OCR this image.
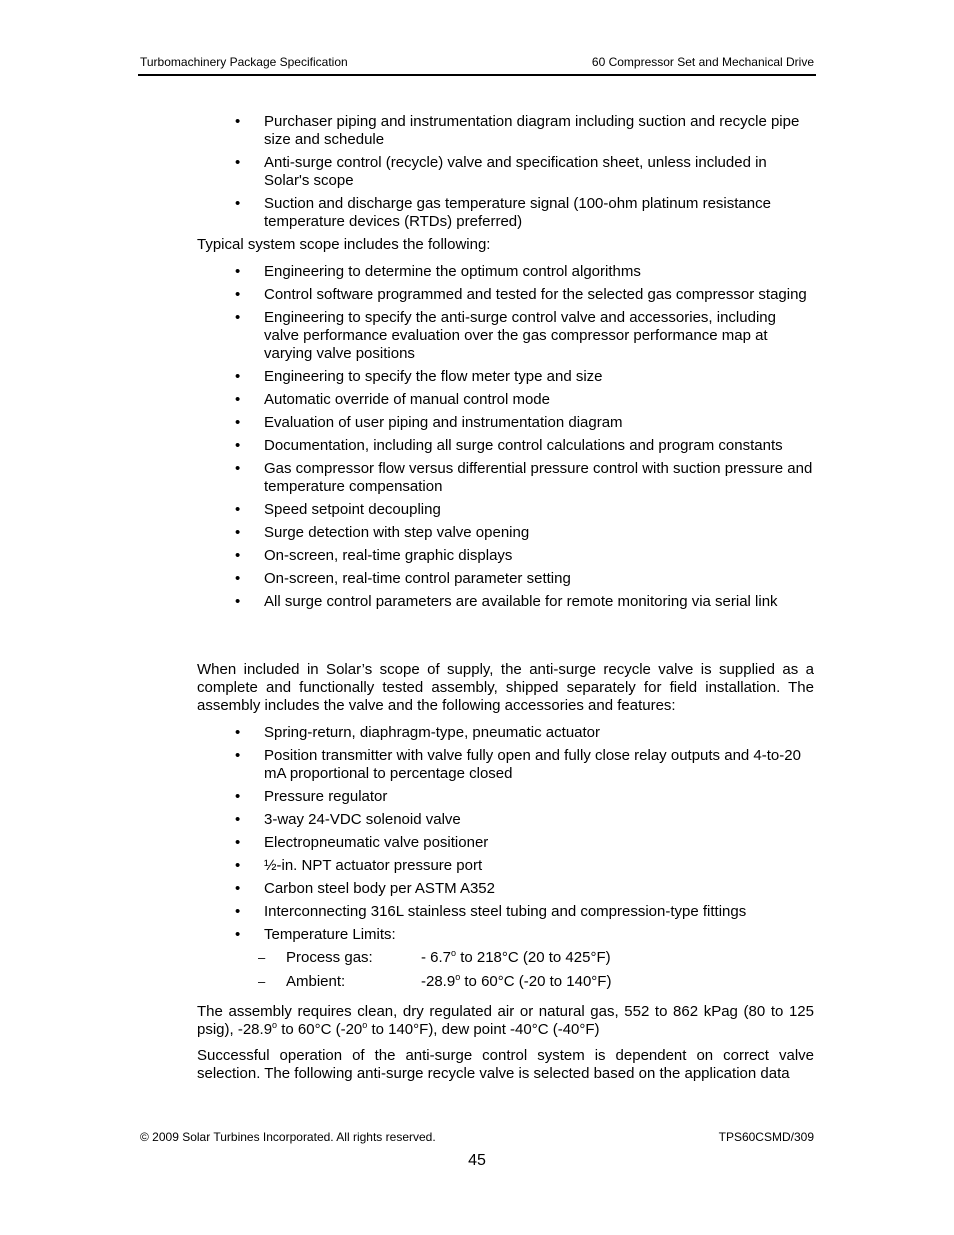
Turbomachinery Package Specification	60 Compressor Set and Mechanical Drive
• Purchaser piping and instrumentation diagram including suction and recycle pipe size and schedule
• Anti-surge control (recycle) valve and specification sheet, unless included in Solar's scope
• Suction and discharge gas temperature signal (100-ohm platinum resistance temperature devices (RTDs) preferred)

Typical system scope includes the following:

• Engineering to determine the optimum control algorithms
• Control software programmed and tested for the selected gas compressor staging
• Engineering to specify the anti-surge control valve and accessories, including valve performance evaluation over the gas compressor performance map at varying valve positions
• Engineering to specify the flow meter type and size
• Automatic override of manual control mode
• Evaluation of user piping and instrumentation diagram
• Documentation, including all surge control calculations and program constants
• Gas compressor flow versus differential pressure control with suction pressure and temperature compensation
• Speed setpoint decoupling
• Surge detection with step valve opening
• On-screen, real-time graphic displays
• On-screen, real-time control parameter setting
• All surge control parameters are available for remote monitoring via serial link

When included in Solar’s scope of supply, the anti-surge recycle valve is supplied as a complete and functionally tested assembly, shipped separately for field installation. The assembly includes the valve and the following accessories and features:

• Spring-return, diaphragm-type, pneumatic actuator
• Position transmitter with valve fully open and fully close relay outputs and 4-to-20 mA proportional to percentage closed
• Pressure regulator
• 3-way 24-VDC solenoid valve
• Electropneumatic valve positioner
• ½-in. NPT actuator pressure port
• Carbon steel body per ASTM A352
• Interconnecting 316L stainless steel tubing and compression-type fittings
• Temperature Limits:
– Process gas:	- 6.7$^o$ to 218°C (20 to 425°F)
– Ambient:	-28.9$^o$ to 60°C (-20 to 140°F)

The assembly requires clean, dry regulated air or natural gas, 552 to 862 kPag (80 to 125 psig), -28.9$^o$ to 60°C (-20$^o$ to 140°F), dew point -40°C (-40°F)

Successful operation of the anti-surge control system is dependent on correct valve selection. The following anti-surge recycle valve is selected based on the application data

© 2009 Solar Turbines Incorporated. All rights reserved.	TPS60CSMD/309
45
